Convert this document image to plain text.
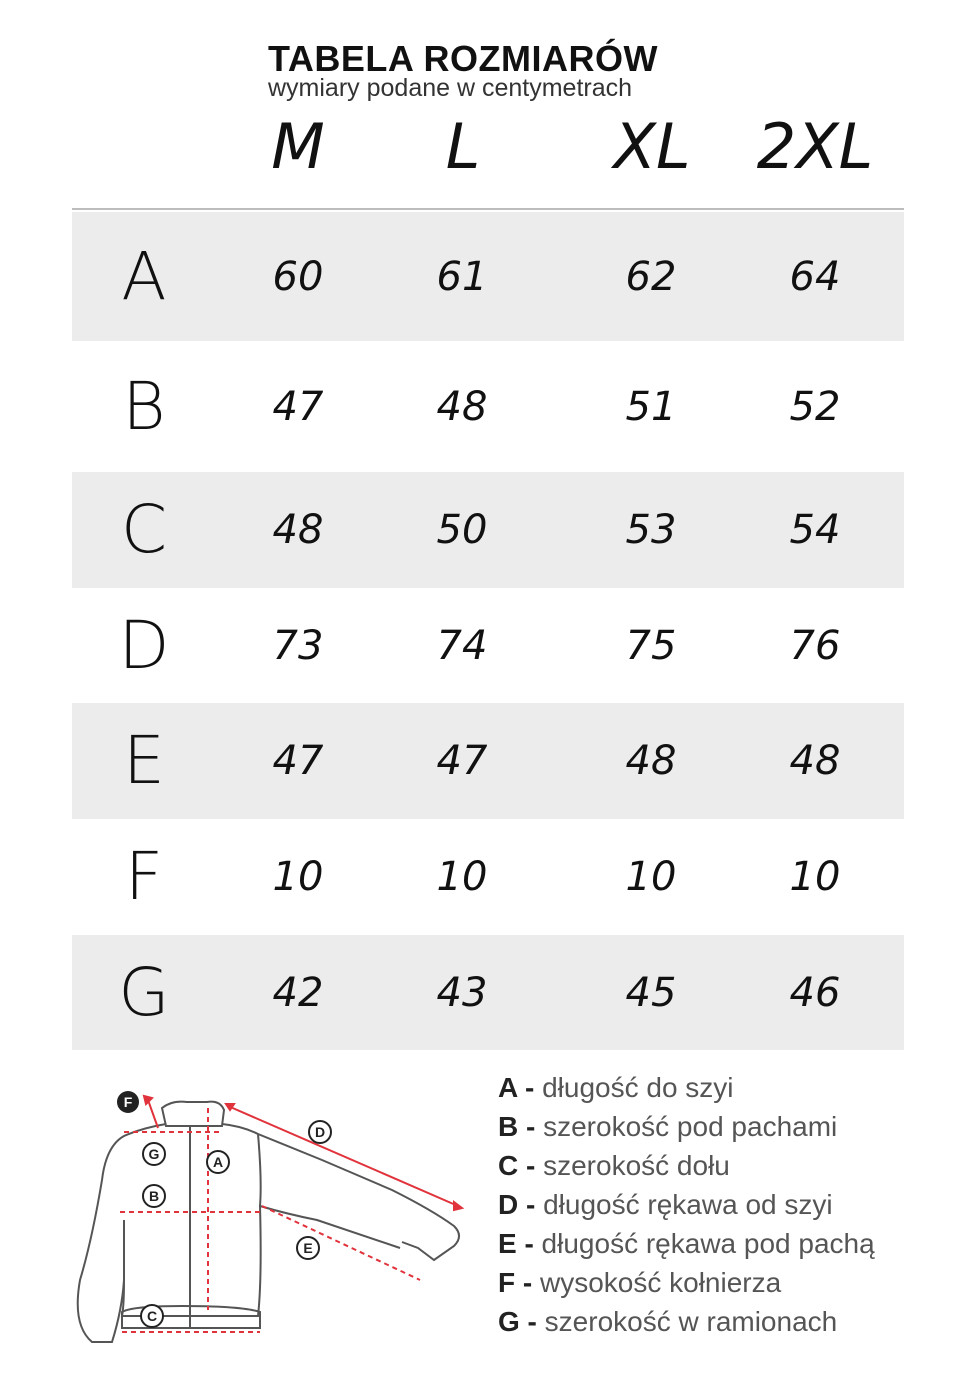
TABELA ROZMIARÓW
wymiary podane w centymetrach
M	L	XL	2XL
A	60	61	62	64
B	47	48	51	52
C	48	50	53	54
D	73	74	75	76
E	47	47	48	48
F	10	10	10	10
G	42	43	45	46
F
G	A
B
D
E
C
A - długość do szyi
B - szerokość pod pachami
C - szerokość dołu
D - długość rękawa od szyi
E - długość rękawa pod pachą
F - wysokość kołnierza
G - szerokość w ramionach
